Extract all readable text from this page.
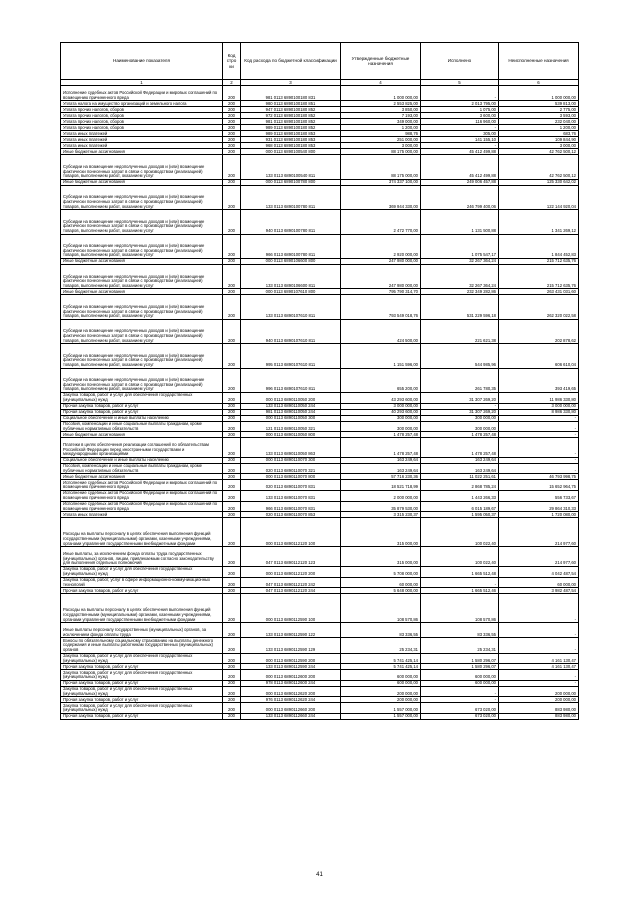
Наименование показателя	Код стро ки	Код расхода по бюджетной классификации	Утвержденные бюджетные назначения	Исполнено	Неисполненные назначения
1	2	3	4	5	6
Исполнение судебных актов Российской Федерации и мировых соглашений по возмещению причиненного вреда	200	981 0113 6890100180 831	1 000 000,00	-	1 000 000,00
Уплата налога на имущество организаций и земельного налога	200	980 0113 6890100180 851	2 553 825,00	2 013 795,00	539 813,00
Уплата прочих налогов, сборов	200	947 0113 6890100180 852	3 850,00	1 075,00	2 775,00
Уплата прочих налогов, сборов	200	972 0113 6890100180 852	7 193,00	3 600,00	3 593,00
Уплата прочих налогов, сборов	200	981 0113 6890100180 852	349 000,00	116 960,00	232 040,00
Уплата прочих налогов, сборов	200	989 0113 6890100180 852	1 200,00	-	1 200,00
Уплата иных платежей	200	989 0113 6890100180 853	988,76	305,00	683,76
Уплата иных платежей	200	931 0113 6890100180 853	251 000,00	141 155,10	109 844,90
Уплата иных платежей	200	968 0113 6890100180 853	3 000,00	-	3 000,00
Иные бюджетные ассигнования	200	000 0113 6890100540 800	88 175 000,00	45 412 499,88	42 762 500,12
Субсидии на возмещение недополученных доходов и (или) возмещение фактически понесенных затрат в связи с производством (реализацией) товаров, выполнением работ, оказанием услуг	200	133 0113 6890100540 811	88 175 000,00	45 412 499,88	42 762 500,12
Иные бюджетные ассигнования	200	000 0113 6890100780 800	374 337 100,00	249 006 457,88	125 330 642,02
Субсидии на возмещение недополученных доходов и (или) возмещение фактически понесенных затрат в связи с производством (реализацией) товаров, выполнением работ, оказанием услуг	200	133 0113 6890100780 811	369 944 330,00	246 799 400,06	122 144 920,04
Субсидии на возмещение недополученных доходов и (или) возмещение фактически понесенных затрат в связи с производством (реализацией) товаров, выполнением работ, оказанием услуг	200	940 0113 6890100780 811	2 472 770,00	1 131 500,88	1 341 269,12
Субсидии на возмещение недополученных доходов и (или) возмещение фактически понесенных затрат в связи с производством (реализацией) товаров, выполнением работ, оказанием услуг	200	966 0113 6890100780 811	2 920 000,00	1 075 547,17	1 844 452,83
Иные бюджетные ассигнования	200	000 0113 6890106600 800	247 980 000,00	32 267 364,24	215 712 635,76
Субсидии на возмещение недополученных доходов и (или) возмещение фактически понесенных затрат в связи с производством (реализацией) товаров, выполнением работ, оказанием услуг	200	133 0113 6890106600 811	247 980 000,00	32 267 364,24	215 712 635,76
Иные бюджетные ассигнования	200	000 0113 6890107610 800	795 790 314,70	232 349 282,86	263 431 031,60
Субсидии на возмещение недополученных доходов и (или) возмещение фактически понесенных затрат в связи с производством (реализацией) товаров, выполнением работ, оказанием услуг	200	133 0113 6890107610 811	793 549 018,76	531 229 596,18	262 320 022,58
Субсидии на возмещение недополученных доходов и (или) возмещение фактически понесенных затрат в связи с производством (реализацией) товаров, выполнением работ, оказанием услуг	200	940 0113 6890107610 811	424 500,00	221 621,38	202 878,62
Субсидии на возмещение недополученных доходов и (или) возмещение фактически понесенных затрат в связи с производством (реализацией) товаров, выполнением работ, оказанием услуг	200	995 0113 6890107610 811	1 151 596,00	544 985,96	606 610,04
Субсидии на возмещение недополученных доходов и (или) возмещение фактически понесенных затрат в связи с производством (реализацией) товаров, выполнением работ, оказанием услуг	200	996 0113 6890107610 811	655 200,00	261 780,35	393 419,65
Закупка товаров, работ и услуг для обеспечения государственных (муниципальных) нужд	200	000 0113 6890110050 200	43 293 600,00	31 307 269,20	11 986 330,80
Прочая закупка товаров, работ и услуг	200	133 0113 6890110050 244	3 000 000,00	-	3 000 000,00
Прочая закупка товаров, работ и услуг	200	981 0113 6890110050 244	40 293 600,00	31 307 269,20	8 986 330,80
Социальное обеспечение и иные выплаты населению	200	000 0113 6890110050 300	300 000,00	300 000,00	-
Пособия, компенсации и иные социальные выплаты гражданам, кроме публичных нормативных обязательств	200	121 0113 6890110050 321	300 000,00	300 000,00	-
Иные бюджетные ассигнования	200	000 0113 6890110050 800	1 478 257,48	1 478 257,48	-
Платежи в целях обеспечения реализации соглашений по обязательствам Российской Федерации перед иностранными государствами и международными организациями	200	133 0113 6890110050 863	1 478 257,48	1 478 257,48	-
Социальное обеспечение и иные выплаты населению	200	000 0113 6890110070 300	163 249,64	163 249,64	-
Пособия, компенсации и иные социальные выплаты гражданам, кроме публичных нормативных обязательств	200	020 0113 6890110070 321	163 249,64	163 249,64	-
Иные бюджетные ассигнования	200	000 0113 6890110070 800	57 716 230,36	11 022 251,61	46 793 998,75
Исполнение судебных актов Российской Федерации и мировых соглашений по возмещению причиненного вреда	200	020 0113 6890110070 831	18 521 718,99	2 868 785,24	15 652 964,75
Исполнение судебных актов Российской Федерации и мировых соглашений по возмещению причиненного вреда	200	133 0113 6890110070 831	2 000 000,00	1 443 266,33	556 733,67
Исполнение судебных актов Российской Федерации и мировых соглашений по возмещению причиненного вреда	200	966 0113 6890110070 831	35 879 530,00	6 015 189,67	29 864 310,33
Уплата иных платежей	200	020 0113 6890110070 853	3 315 230,37	1 595 050,37	1 720 080,00
Расходы на выплаты персоналу в целях обеспечения выполнения функций государственными (муниципальными) органами, казенными учреждениями, органами управления государственными внебюджетными фондами	200	000 0113 6890112120 100	315 000,00	100 022,40	214 977,60
Иные выплаты, за исключением фонда оплаты труда государственных (муниципальных) органов, лицам, привлекаемым согласно законодательству для выполнения отдельных полномочий	200	047 0113 6890112120 123	315 000,00	100 022,40	214 977,60
Закупка товаров, работ и услуг для обеспечения государственных (муниципальных) нужд	200	000 0113 6890112120 200	5 708 000,00	1 665 512,48	4 042 487,54
Закупка товаров, работ, услуг в сфере информационно-коммуникационных технологий	200	047 0113 6890112120 242	60 000,00	-	60 000,00
Прочая закупка товаров, работ и услуг	200	047 0113 6890112120 244	5 648 000,00	1 665 512,46	3 982 487,54
Расходы на выплаты персоналу в целях обеспечения выполнения функций государственными (муниципальными) органами, казенными учреждениями, органами управления государственными внебюджетными фондами	200	000 0113 6890112590 100	108 570,86	108 570,86	-
Иные выплаты персоналу государственных (муниципальных) органов, за исключением фонда оплаты труда	200	133 0113 6890112590 122	83 336,55	83 336,55	-
Взносы по обязательному социальному страхованию на выплаты денежного содержания и иные выплаты работникам государственных (муниципальных) органов	200	133 0113 6890112590 129	25 234,31	25 234,31	-
Закупка товаров, работ и услуг для обеспечения государственных (муниципальных) нужд	200	000 0113 6890112590 200	5 741 425,14	1 580 296,07	4 161 130,47
Прочая закупка товаров, работ и услуг	200	133 0113 6890112590 244	5 741 425,14	1 580 296,07	4 161 130,47
Закупка товаров, работ и услуг для обеспечения государственных (муниципальных) нужд	200	000 0113 6890112600 200	600 000,00	600 000,00	-
Прочая закупка товаров, работ и услуг	200	978 0113 6890112600 244	600 000,00	600 000,00	-
Закупка товаров, работ и услуг для обеспечения государственных (муниципальных) нужд	200	000 0113 6890112620 200	200 000,00	-	200 000,00
Прочая закупка товаров, работ и услуг	200	976 0113 6890112620 244	200 000,00	-	200 000,00
Закупка товаров, работ и услуг для обеспечения государственных (муниципальных) нужд	200	000 0113 6890112660 200	1 557 000,00	673 020,00	883 980,00
Прочая закупка товаров, работ и услуг	200	133 0113 6890112660 244	1 557 000,00	673 020,00	883 980,00
41
